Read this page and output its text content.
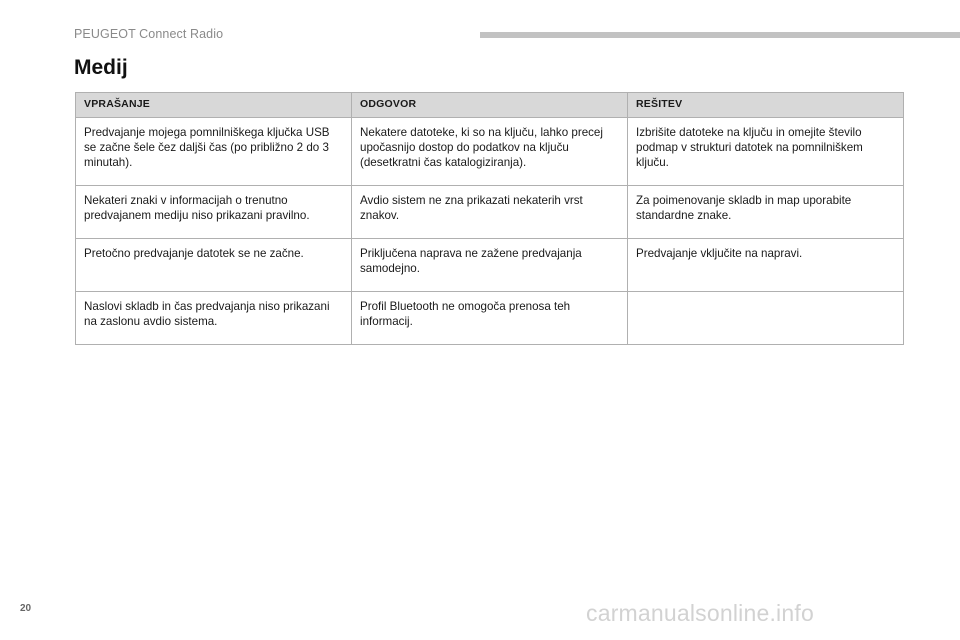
PEUGEOT Connect Radio
Medij
VPRAŠANJE	ODGOVOR	REŠITEV
Predvajanje mojega pomnilniškega ključka USB se začne šele čez daljši čas (po približno 2 do 3 minutah).	Nekatere datoteke, ki so na ključu, lahko precej upočasnijo dostop do podatkov na ključu (desetkratni čas katalogiziranja).	Izbrišite datoteke na ključu in omejite število podmap v strukturi datotek na pomnilniškem ključu.
Nekateri znaki v informacijah o trenutno predvajanem mediju niso prikazani pravilno.	Avdio sistem ne zna prikazati nekaterih vrst znakov.	Za poimenovanje skladb in map uporabite standardne znake.
Pretočno predvajanje datotek se ne začne.	Priključena naprava ne zažene predvajanja samodejno.	Predvajanje vključite na napravi.
Naslovi skladb in čas predvajanja niso prikazani na zaslonu avdio sistema.	Profil Bluetooth ne omogoča prenosa teh informacij.	
20	carmanualsonline.info
